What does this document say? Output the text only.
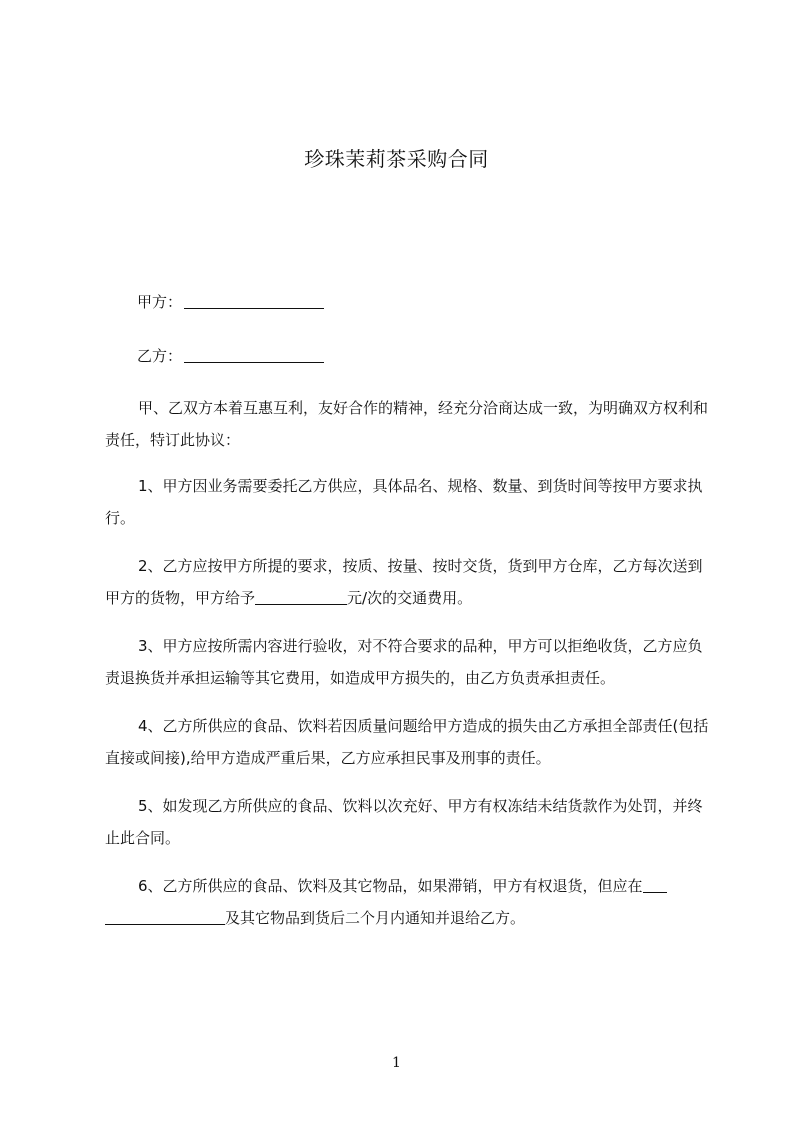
珍珠茉莉茶采购合同
甲方：
乙方：

甲、乙双方本着互惠互利，友好合作的精神，经充分洽商达成一致，为明确双方权利和责任，特订此协议：

1、甲方因业务需要委托乙方供应，具体品名、规格、数量、到货时间等按甲方要求执行。

2、乙方应按甲方所提的要求，按质、按量、按时交货，货到甲方仓库，乙方每次送到甲方的货物，甲方给予	元/次的交通费用。

3、甲方应按所需内容进行验收，对不符合要求的品种，甲方可以拒绝收货，乙方应负责退换货并承担运输等其它费用，如造成甲方损失的，由乙方负责承担责任。

4、乙方所供应的食品、饮料若因质量问题给甲方造成的损失由乙方承担全部责任(包括直接或间接),给甲方造成严重后果，乙方应承担民事及刑事的责任。

5、如发现乙方所供应的食品、饮料以次充好、甲方有权冻结未结货款作为处罚，并终止此合同。

6、乙方所供应的食品、饮料及其它物品，如果滞销，甲方有权退货，但应在及其它物品到货后二个月内通知并退给乙方。

1
